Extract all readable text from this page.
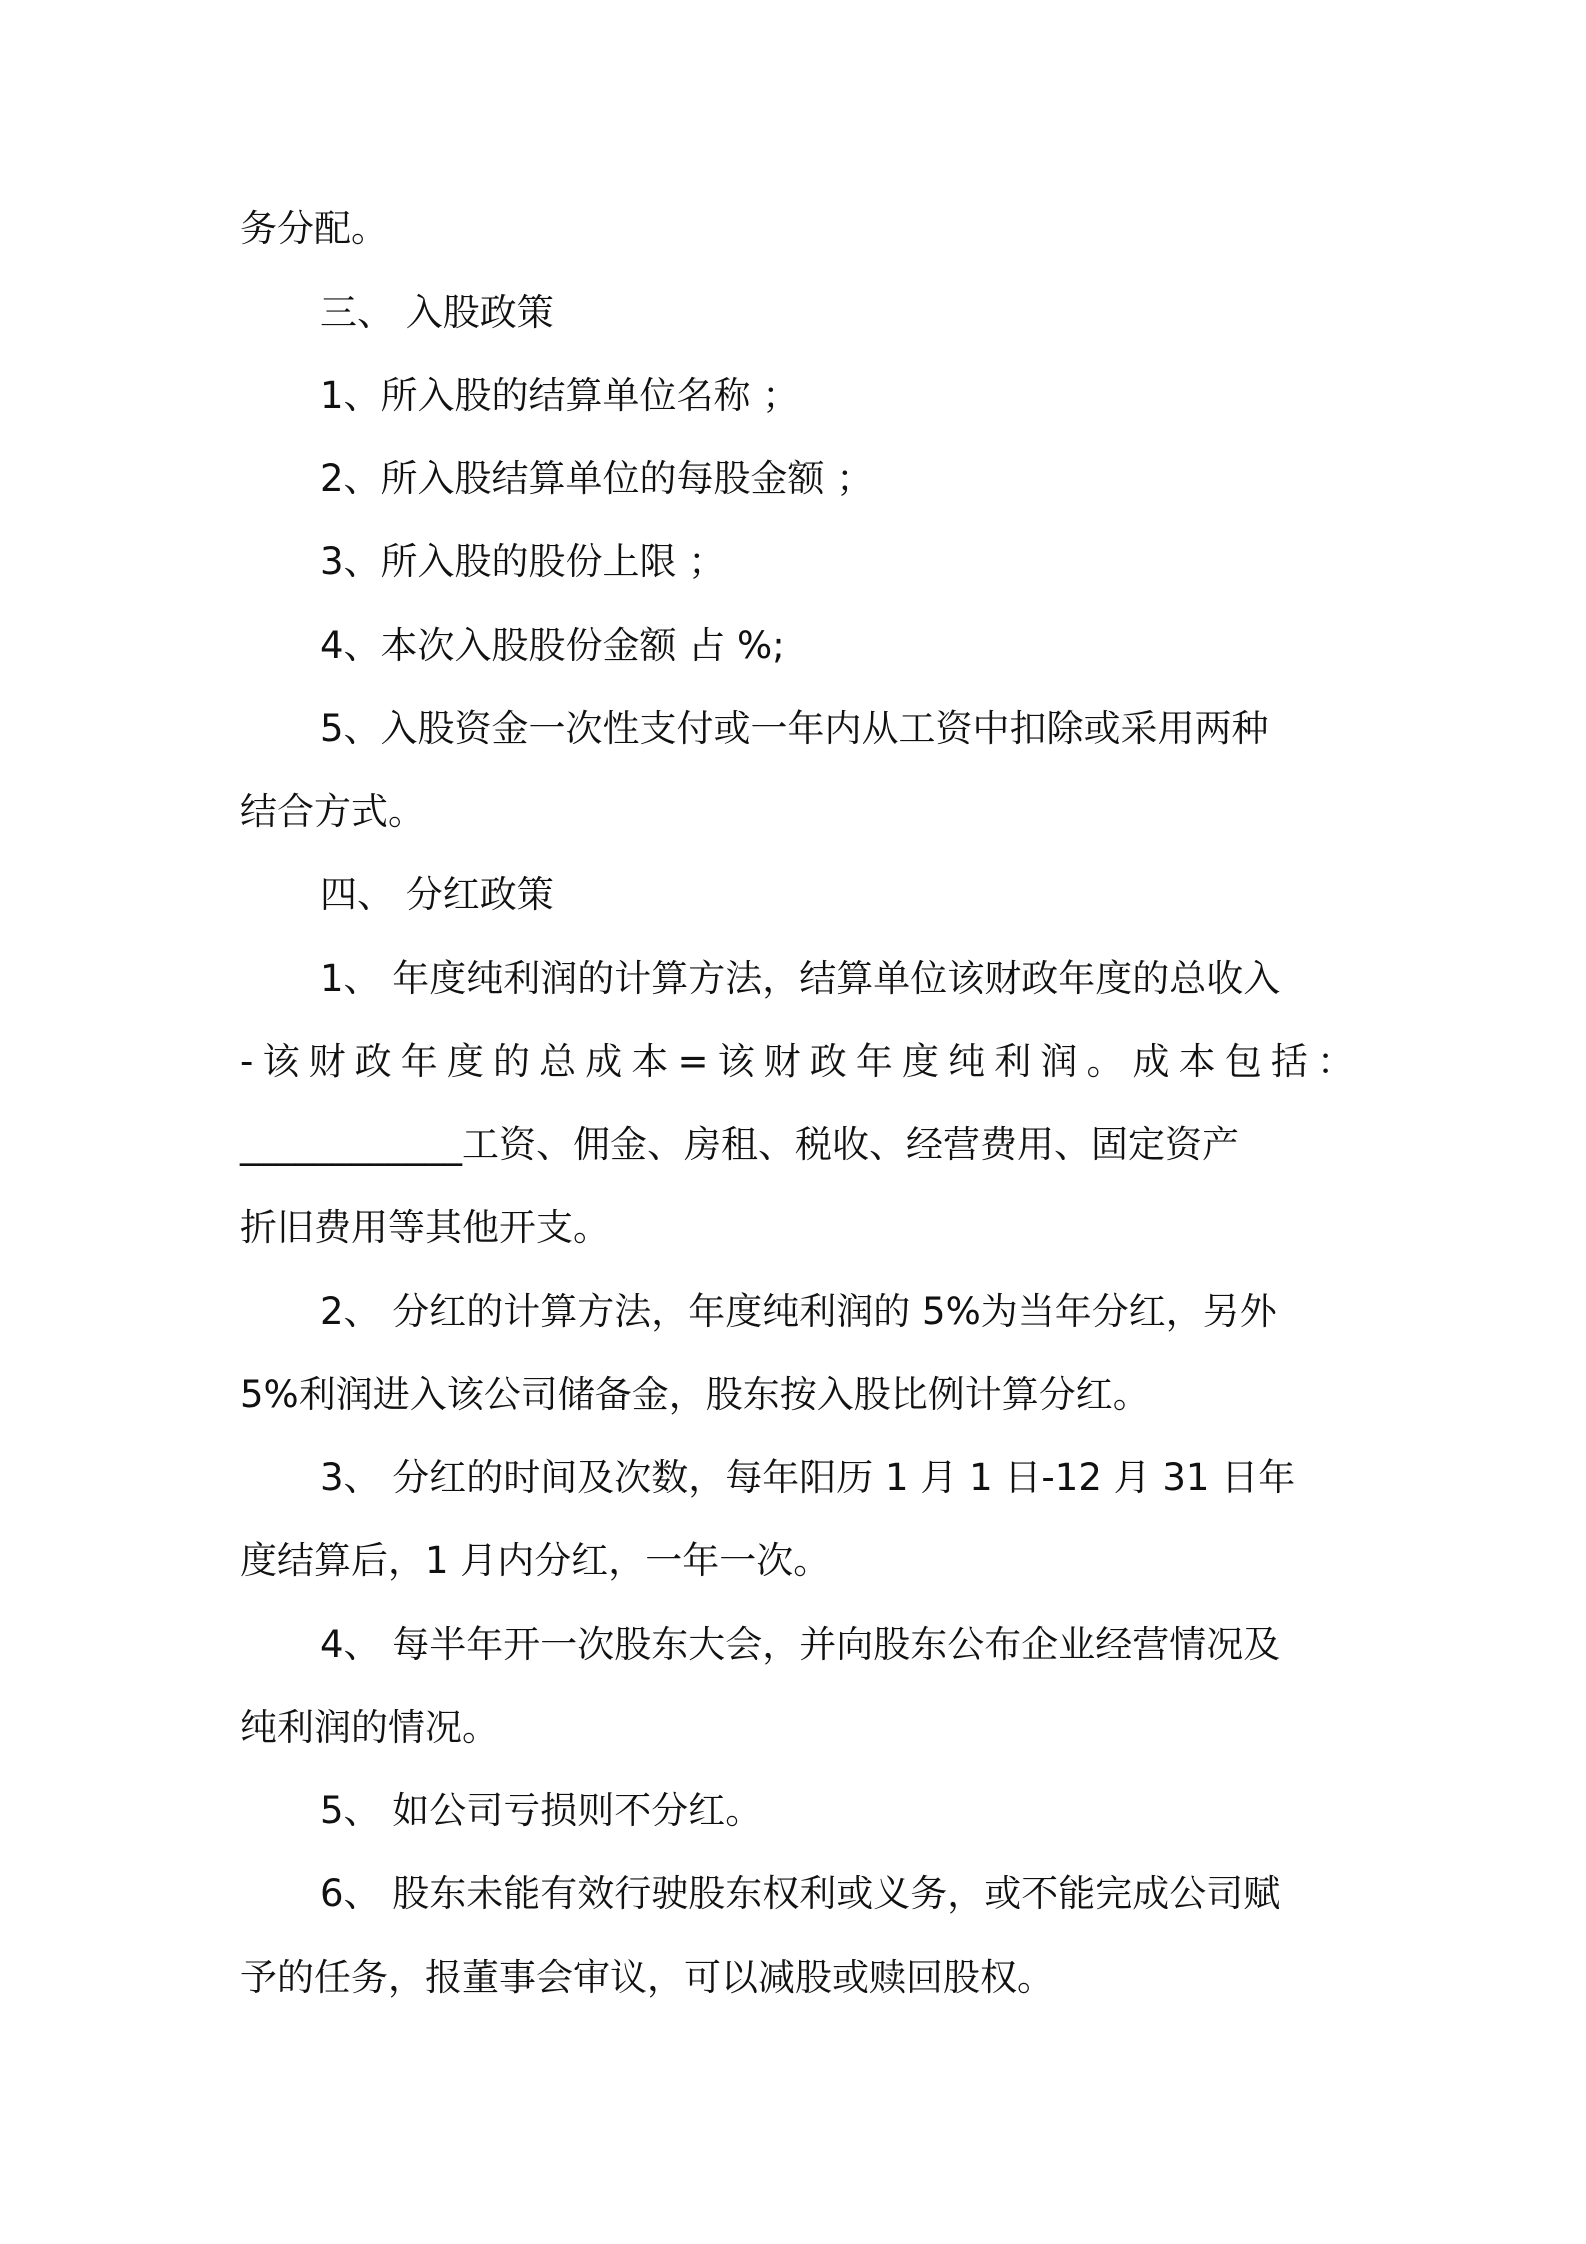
务分配。

三、 入股政策

1、所入股的结算单位名称 ；

2、所入股结算单位的每股金额 ；

3、所入股的股份上限 ；

4、本次入股股份金额 占 %;

5、入股资金一次性支付或一年内从工资中扣除或采用两种

结合方式。

四、 分红政策

1、 年度纯利润的计算方法，结算单位该财政年度的总收入

-该财政年度的总成本=该财政年度纯利润。成本包括：

____________工资、佣金、房租、税收、经营费用、固定资产

折旧费用等其他开支。

2、 分红的计算方法，年度纯利润的 5%为当年分红，另外

5%利润进入该公司储备金，股东按入股比例计算分红。

3、 分红的时间及次数，每年阳历 1 月 1 日-12 月 31 日年

度结算后，1 月内分红，一年一次。

4、 每半年开一次股东大会，并向股东公布企业经营情况及

纯利润的情况。

5、 如公司亏损则不分红。

6、 股东未能有效行驶股东权利或义务，或不能完成公司赋

予的任务，报董事会审议，可以减股或赎回股权。
